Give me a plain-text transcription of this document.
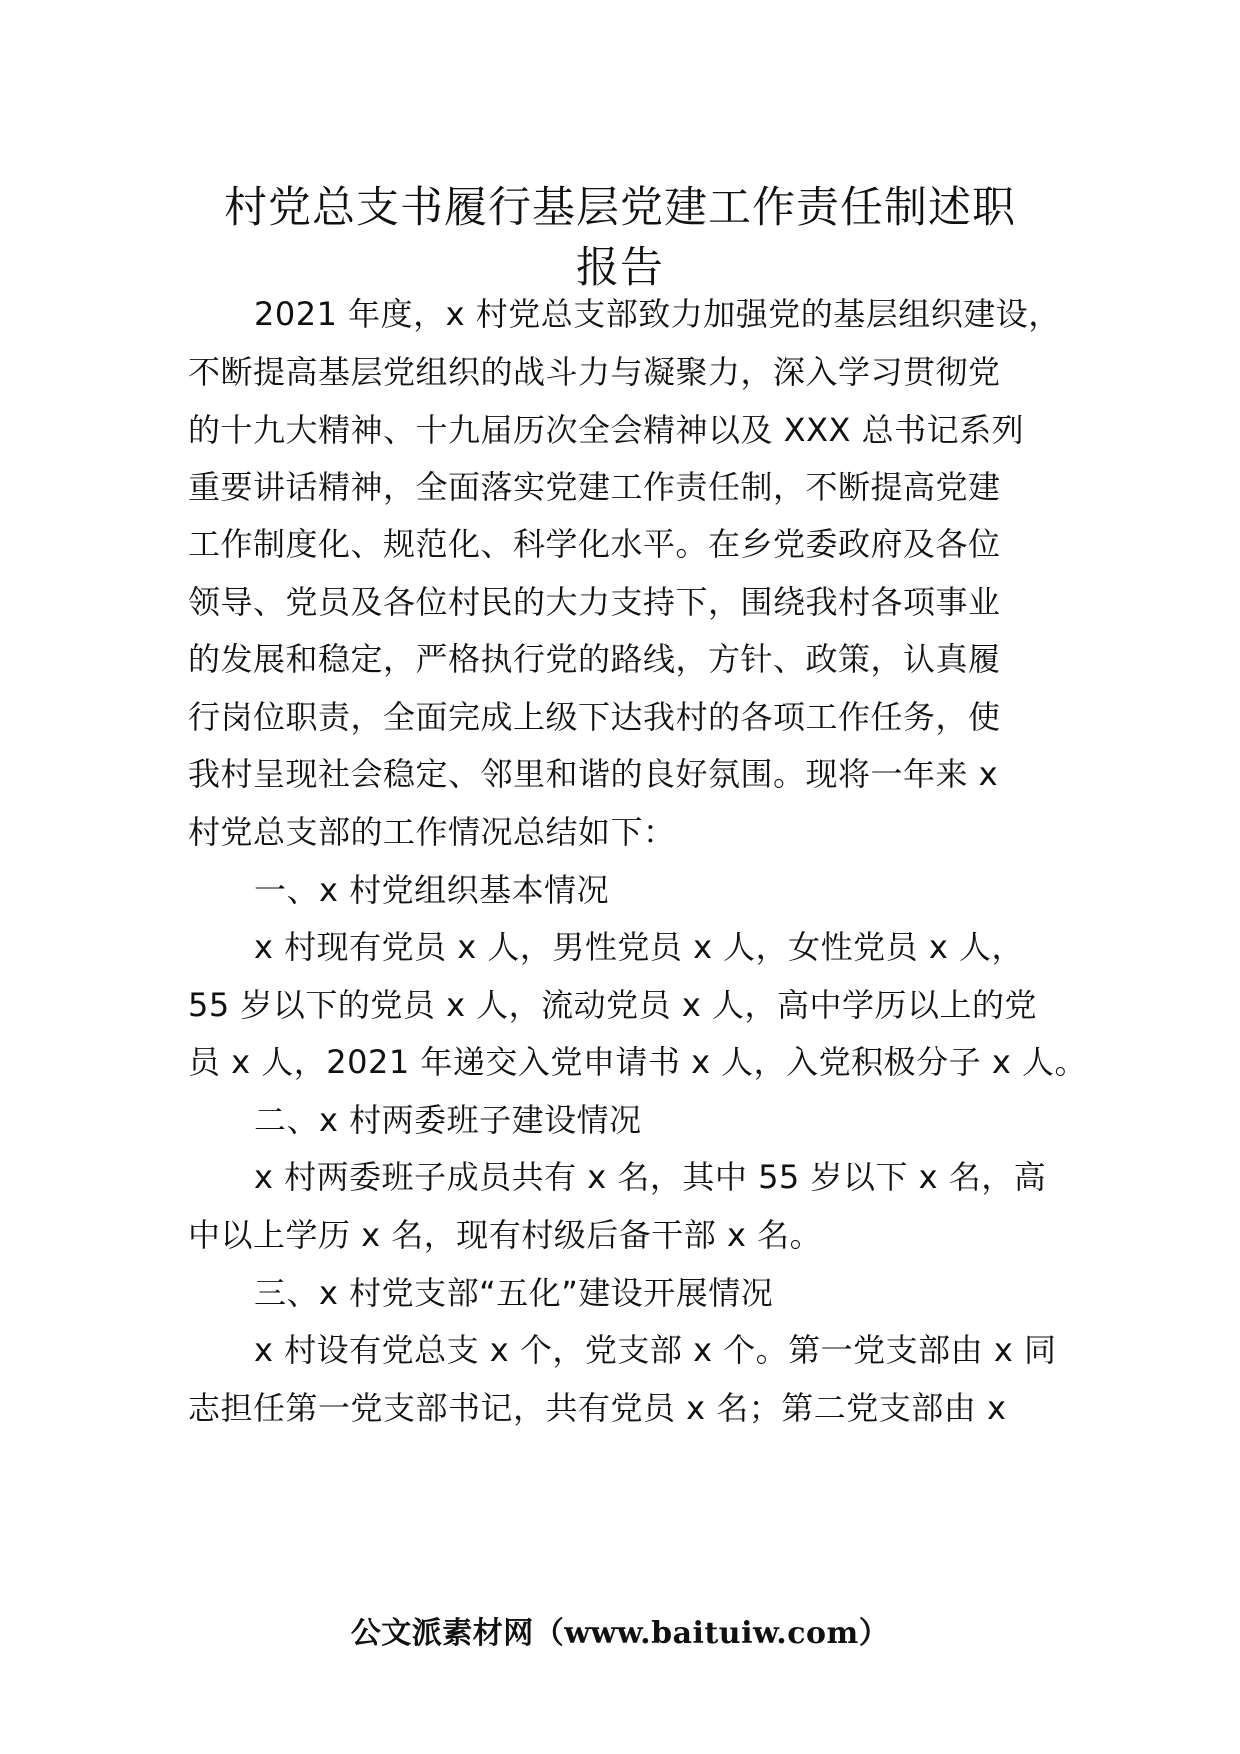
村党总支书履行基层党建工作责任制述职
报告

2021 年度，x 村党总支部致力加强党的基层组织建设，

不断提高基层党组织的战斗力与凝聚力，深入学习贯彻党

的十九大精神、十九届历次全会精神以及 XXX 总书记系列

重要讲话精神，全面落实党建工作责任制，不断提高党建

工作制度化、规范化、科学化水平。在乡党委政府及各位

领导、党员及各位村民的大力支持下，围绕我村各项事业

的发展和稳定，严格执行党的路线，方针、政策，认真履

行岗位职责，全面完成上级下达我村的各项工作任务，使

我村呈现社会稳定、邻里和谐的良好氛围。现将一年来 x

村党总支部的工作情况总结如下：

一、x 村党组织基本情况

x 村现有党员 x 人，男性党员 x 人，女性党员 x 人，

55 岁以下的党员 x 人，流动党员 x 人，高中学历以上的党

员 x 人，2021 年递交入党申请书 x 人，入党积极分子 x 人。

二、x 村两委班子建设情况

x 村两委班子成员共有 x 名，其中 55 岁以下 x 名，高

中以上学历 x 名，现有村级后备干部 x 名。

三、x 村党支部“五化”建设开展情况

x 村设有党总支 x 个，党支部 x 个。第一党支部由 x 同

志担任第一党支部书记，共有党员 x 名；第二党支部由 x

公文派素材网（www.baituiw.com）
